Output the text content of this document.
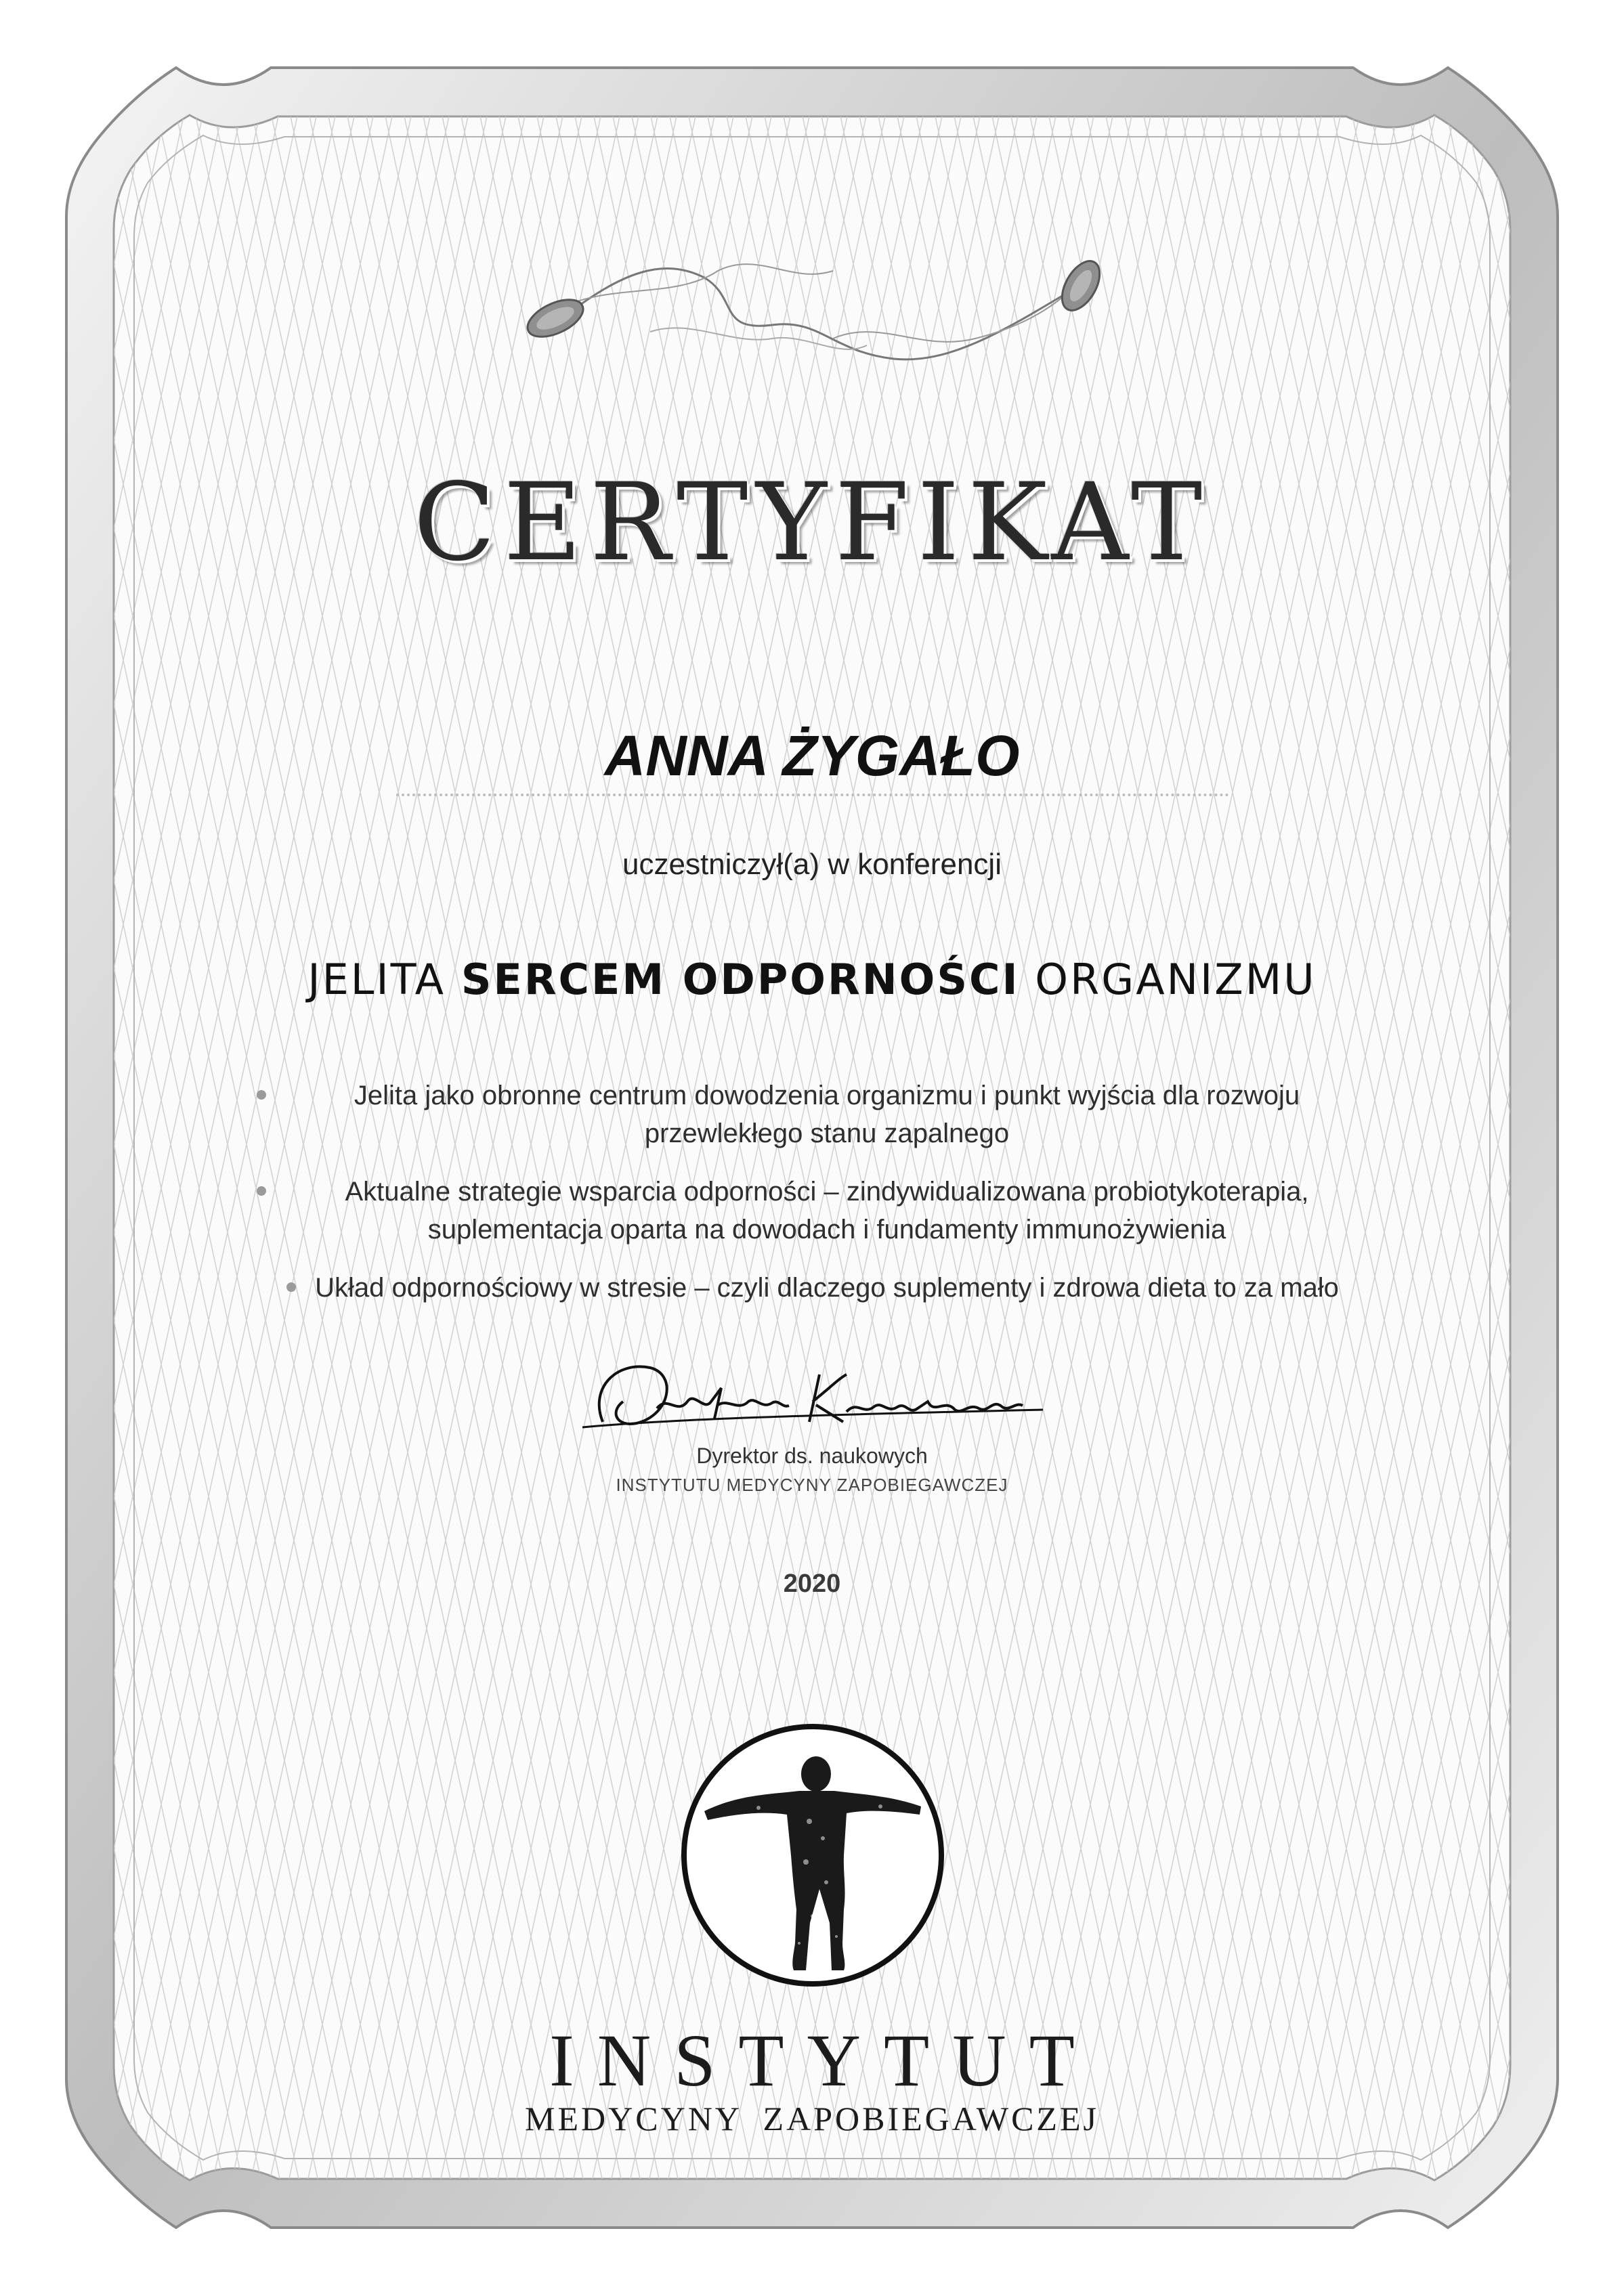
CERTYFIKAT
ANNA ŻYGAŁO
uczestniczył(a) w konferencji
JELITA SERCEM ODPORNOŚCI ORGANIZMU
Jelita jako obronne centrum dowodzenia organizmu i punkt wyjścia dla rozwoju przewlekłego stanu zapalnego
Aktualne strategie wsparcia odporności – zindywidualizowana probiotykoterapia, suplementacja oparta na dowodach i fundamenty immunożywienia
Układ odpornościowy w stresie – czyli dlaczego suplementy i zdrowa dieta to za mało
Dyrektor ds. naukowych
INSTYTUTU MEDYCYNY ZAPOBIEGAWCZEJ
2020
INSTYTUT
MEDYCYNY ZAPOBIEGAWCZEJ
